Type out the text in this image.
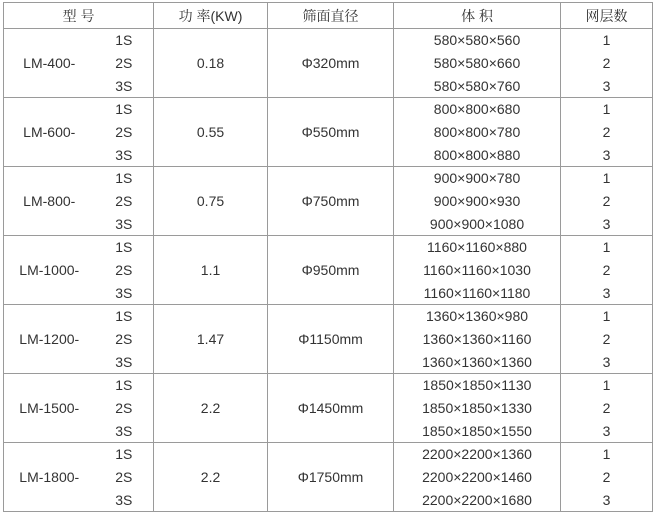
型 号		功 率(KW)	筛面直径	体 积	网层数
LM-400-	1S	0.18	Φ320mm	580×580×560	1
	2S			580×580×660	2
	3S			580×580×760	3
LM-600-	1S	0.55	Φ550mm	800×800×680	1
	2S			800×800×780	2
	3S			800×800×880	3
LM-800-	1S	0.75	Φ750mm	900×900×780	1
	2S			900×900×930	2
	3S			900×900×1080	3
LM-1000-	1S	1.1	Φ950mm	1160×1160×880	1
	2S			1160×1160×1030	2
	3S			1160×1160×1180	3
LM-1200-	1S	1.47	Φ1150mm	1360×1360×980	1
	2S			1360×1360×1160	2
	3S			1360×1360×1360	3
LM-1500-	1S	2.2	Φ1450mm	1850×1850×1130	1
	2S			1850×1850×1330	2
	3S			1850×1850×1550	3
LM-1800-	1S	2.2	Φ1750mm	2200×2200×1360	1
	2S			2200×2200×1460	2
	3S			2200×2200×1680	3
